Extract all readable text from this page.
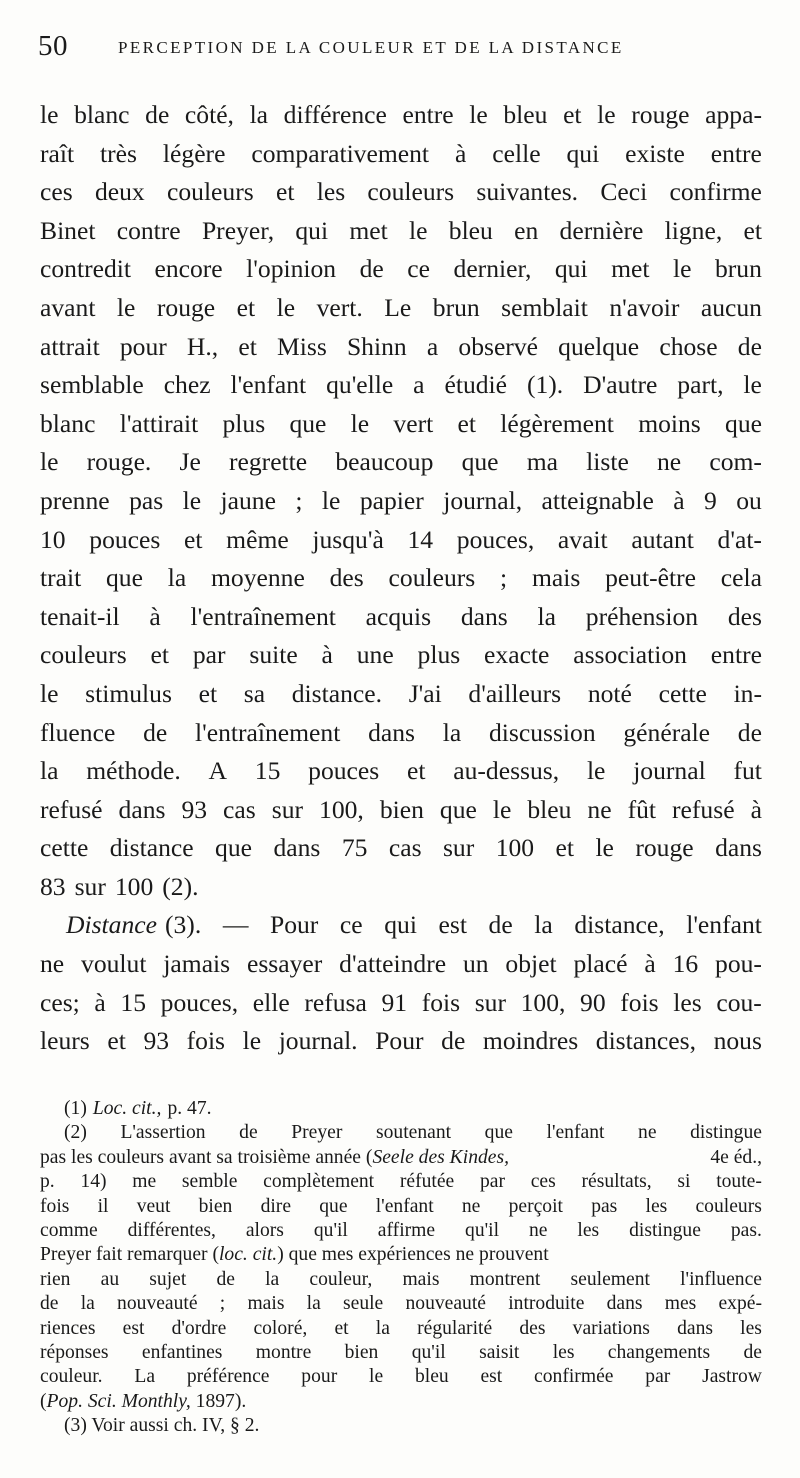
50	PERCEPTION DE LA COULEUR ET DE LA DISTANCE
le blanc de côté, la différence entre le bleu et le rouge appa-
raît très légère comparativement à celle qui existe entre
ces deux couleurs et les couleurs suivantes. Ceci confirme
Binet contre Preyer, qui met le bleu en dernière ligne, et
contredit encore l'opinion de ce dernier, qui met le brun
avant le rouge et le vert. Le brun semblait n'avoir aucun
attrait pour H., et Miss Shinn a observé quelque chose de
semblable chez l'enfant qu'elle a étudié (1). D'autre part, le
blanc l'attirait plus que le vert et légèrement moins que
le rouge. Je regrette beaucoup que ma liste ne com-
prenne pas le jaune ; le papier journal, atteignable à 9 ou
10 pouces et même jusqu'à 14 pouces, avait autant d'at-
trait que la moyenne des couleurs ; mais peut-être cela
tenait-il à l'entraînement acquis dans la préhension des
couleurs et par suite à une plus exacte association entre
le stimulus et sa distance. J'ai d'ailleurs noté cette in-
fluence de l'entraînement dans la discussion générale de
la méthode. A 15 pouces et au-dessus, le journal fut
refusé dans 93 cas sur 100, bien que le bleu ne fût refusé à
cette distance que dans 75 cas sur 100 et le rouge dans
83 sur 100 (2).
Distance (3). — Pour ce qui est de la distance, l'enfant
ne voulut jamais essayer d'atteindre un objet placé à 16 pou-
ces; à 15 pouces, elle refusa 91 fois sur 100, 90 fois les cou-
leurs et 93 fois le journal. Pour de moindres distances, nous
(1) Loc. cit., p. 47.
(2) L'assertion de Preyer soutenant que l'enfant ne distingue
pas les couleurs avant sa troisième année (Seele des Kindes,	4e éd.,
p. 14) me semble complètement réfutée par ces résultats, si toute-
fois il veut bien dire que l'enfant ne perçoit pas les couleurs
comme différentes, alors qu'il affirme qu'il ne les distingue pas.
Preyer fait remarquer (loc. cit.) que mes expériences ne prouvent
rien au sujet de la couleur, mais montrent seulement l'influence
de la nouveauté ; mais la seule nouveauté introduite dans mes expé-
riences est d'ordre coloré, et la régularité des variations dans les
réponses enfantines montre bien qu'il saisit les changements de
couleur. La préférence pour le bleu est confirmée par Jastrow
(Pop. Sci. Monthly, 1897).
(3) Voir aussi ch. IV, § 2.
